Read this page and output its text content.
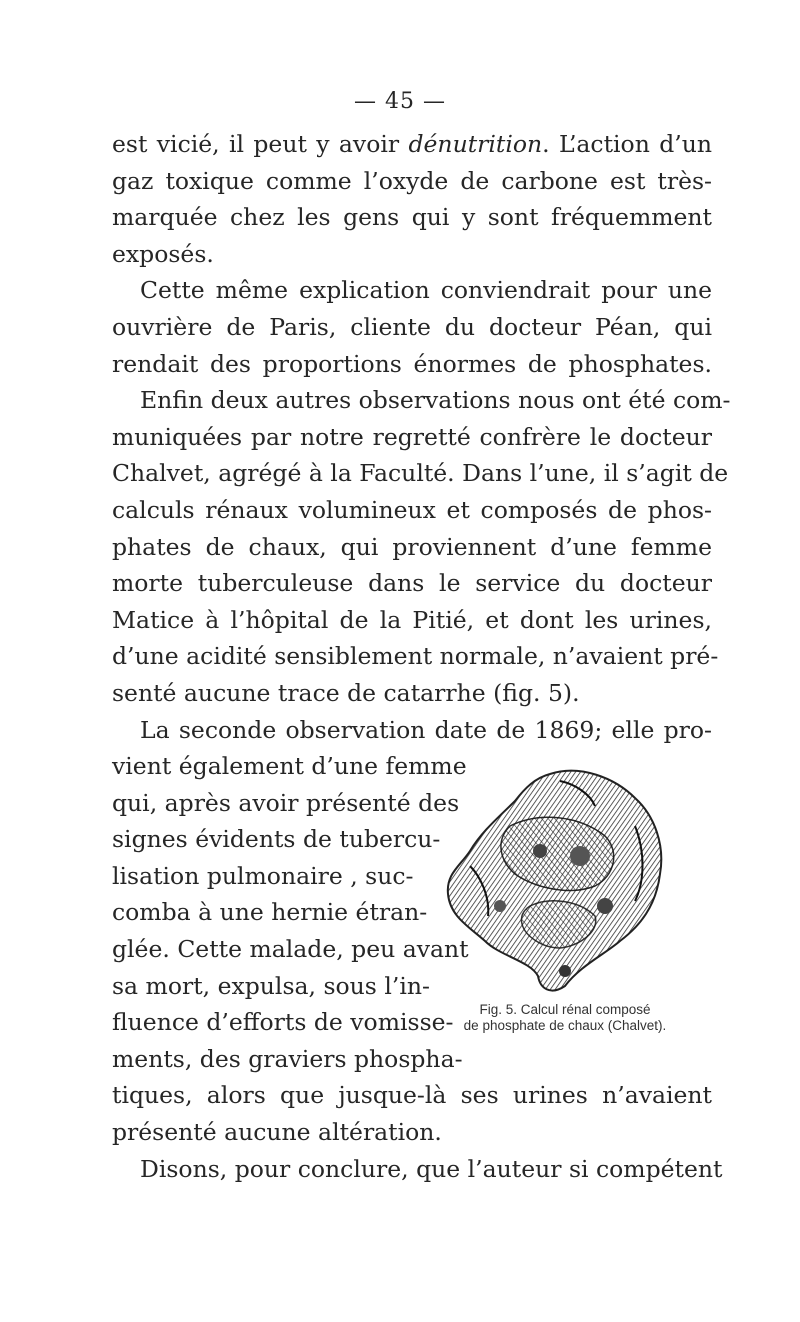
— 45 —
est vicié, il peut y avoir dénutrition. L’action d’un
gaz toxique comme l’oxyde de carbone est très-
marquée chez les gens qui y sont fréquemment
exposés.
Cette même explication conviendrait pour une
ouvrière de Paris, cliente du docteur Péan, qui
rendait des proportions énormes de phosphates.
Enfin deux autres observations nous ont été com-
muniquées par notre regretté confrère le docteur
Chalvet, agrégé à la Faculté. Dans l’une, il s’agit de
calculs rénaux volumineux et composés de phos-
phates de chaux, qui proviennent d’une femme
morte tuberculeuse dans le service du docteur
Matice à l’hôpital de la Pitié, et dont les urines,
d’une acidité sensiblement normale, n’avaient pré-
senté aucune trace de catarrhe (fig. 5).
La seconde observation date de 1869; elle pro-
vient également d’une femme
qui, après avoir présenté des
signes évidents de tubercu-
lisation pulmonaire , suc-
comba à une hernie étran-
glée. Cette malade, peu avant
sa mort, expulsa, sous l’in-
fluence d’efforts de vomisse-
ments, des graviers phospha-
tiques, alors que jusque-là ses urines n’avaient
présenté aucune altération.
Disons, pour conclure, que l’auteur si compétent
Fig. 5. Calcul rénal composé
de phosphate de chaux (Chalvet).
